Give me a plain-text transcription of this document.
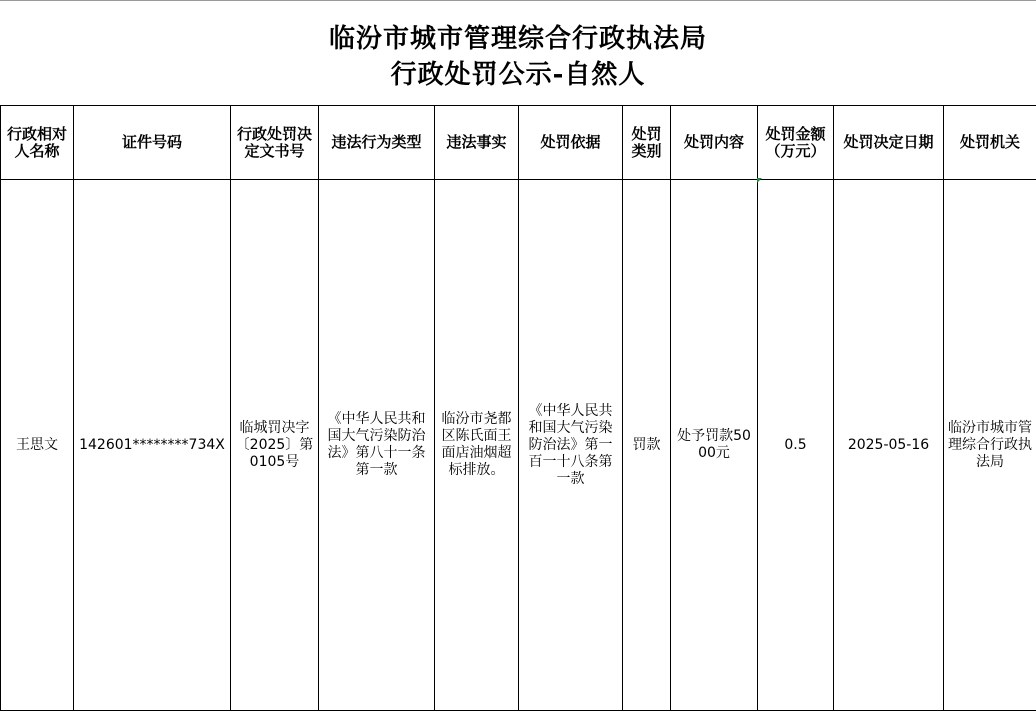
临汾市城市管理综合行政执法局
行政处罚公示-自然人
行政相对人名称	证件号码	行政处罚决定文书号	违法行为类型	违法事实	处罚依据	处罚类别	处罚内容	处罚金额（万元）	处罚决定日期	处罚机关
王思文	142601********734X	临城罚决字〔2025〕第0105号	《中华人民共和国大气污染防治法》第八十一条第一款	临汾市尧都区陈氏面王面店油烟超标排放。	《中华人民共和国大气污染防治法》第一百一十八条第一款	罚款	处予罚款5000元	0.5	2025-05-16	临汾市城市管理综合行政执法局
